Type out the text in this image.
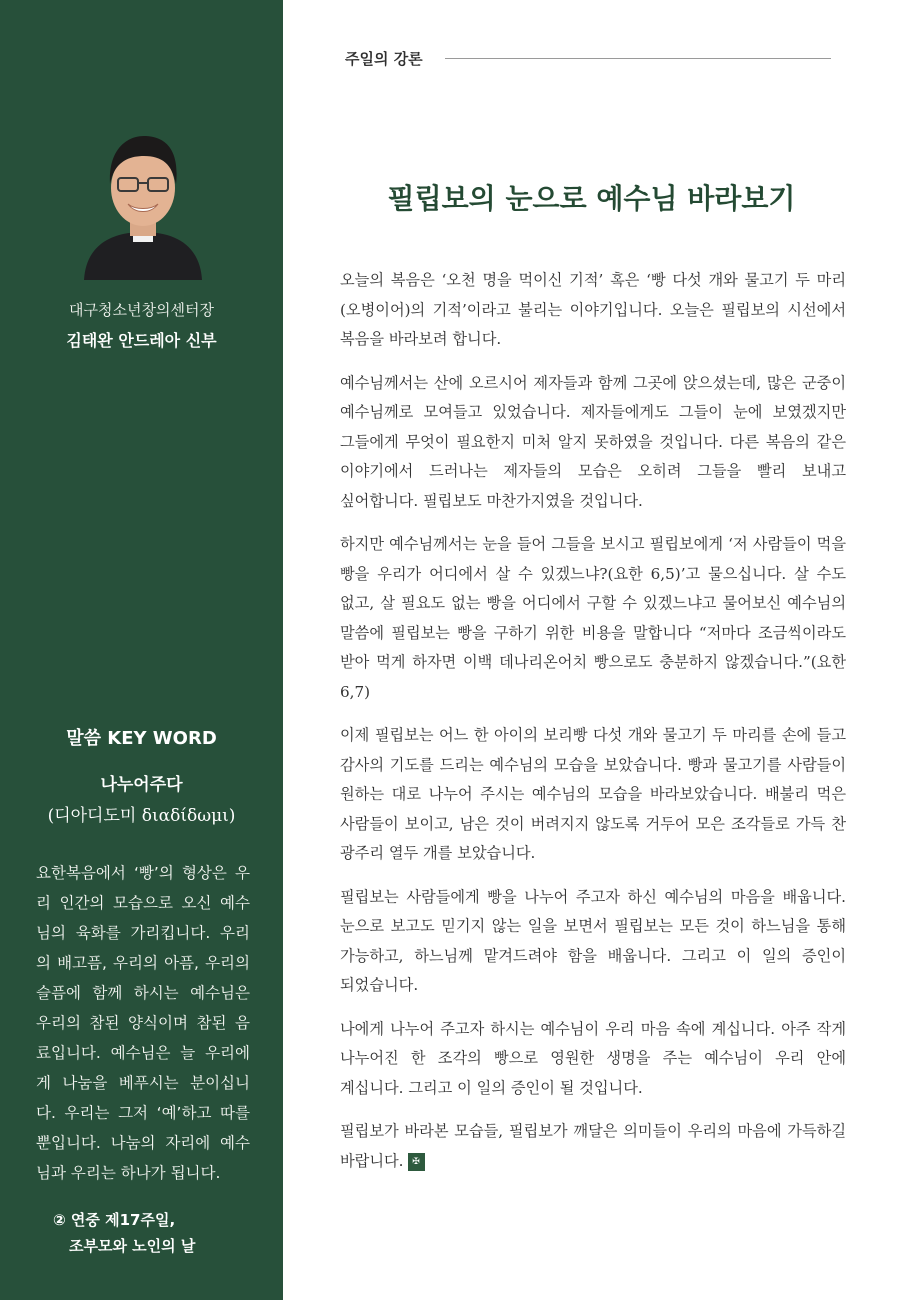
대구청소년창의센터장
김태완 안드레아 신부
말씀 KEY WORD
나누어주다
(디아디도미 διαδίδωμι)
요한복음에서 ‘빵’의 형상은 우리 인간의 모습으로 오신 예수님의 육화를 가리킵니다. 우리의 배고픔, 우리의 아픔, 우리의 슬픔에 함께 하시는 예수님은 우리의 참된 양식이며 참된 음료입니다. 예수님은 늘 우리에게 나눔을 베푸시는 분이십니다. 우리는 그저 ‘예’하고 따를 뿐입니다. 나눔의 자리에 예수님과 우리는 하나가 됩니다.
② 연중 제17주일,
조부모와 노인의 날
주일의 강론
필립보의 눈으로 예수님 바라보기

오늘의 복음은 ‘오천 명을 먹이신 기적’ 혹은 ‘빵 다섯 개와 물고기 두 마리(오병이어)의 기적’이라고 불리는 이야기입니다. 오늘은 필립보의 시선에서 복음을 바라보려 합니다.

예수님께서는 산에 오르시어 제자들과 함께 그곳에 앉으셨는데, 많은 군중이 예수님께로 모여들고 있었습니다. 제자들에게도 그들이 눈에 보였겠지만 그들에게 무엇이 필요한지 미처 알지 못하였을 것입니다. 다른 복음의 같은 이야기에서 드러나는 제자들의 모습은 오히려 그들을 빨리 보내고 싶어합니다. 필립보도 마찬가지였을 것입니다.

하지만 예수님께서는 눈을 들어 그들을 보시고 필립보에게 ‘저 사람들이 먹을 빵을 우리가 어디에서 살 수 있겠느냐?(요한 6,5)’고 물으십니다. 살 수도 없고, 살 필요도 없는 빵을 어디에서 구할 수 있겠느냐고 물어보신 예수님의 말씀에 필립보는 빵을 구하기 위한 비용을 말합니다 “저마다 조금씩이라도 받아 먹게 하자면 이백 데나리온어치 빵으로도 충분하지 않겠습니다.”(요한 6,7)

이제 필립보는 어느 한 아이의 보리빵 다섯 개와 물고기 두 마리를 손에 들고 감사의 기도를 드리는 예수님의 모습을 보았습니다. 빵과 물고기를 사람들이 원하는 대로 나누어 주시는 예수님의 모습을 바라보았습니다. 배불리 먹은 사람들이 보이고, 남은 것이 버려지지 않도록 거두어 모은 조각들로 가득 찬 광주리 열두 개를 보았습니다.

필립보는 사람들에게 빵을 나누어 주고자 하신 예수님의 마음을 배웁니다. 눈으로 보고도 믿기지 않는 일을 보면서 필립보는 모든 것이 하느님을 통해 가능하고, 하느님께 맡겨드려야 함을 배웁니다. 그리고 이 일의 증인이 되었습니다.

나에게 나누어 주고자 하시는 예수님이 우리 마음 속에 계십니다. 아주 작게 나누어진 한 조각의 빵으로 영원한 생명을 주는 예수님이 우리 안에 계십니다. 그리고 이 일의 증인이 될 것입니다.

필립보가 바라본 모습들, 필립보가 깨달은 의미들이 우리의 마음에 가득하길 바랍니다. ✠
